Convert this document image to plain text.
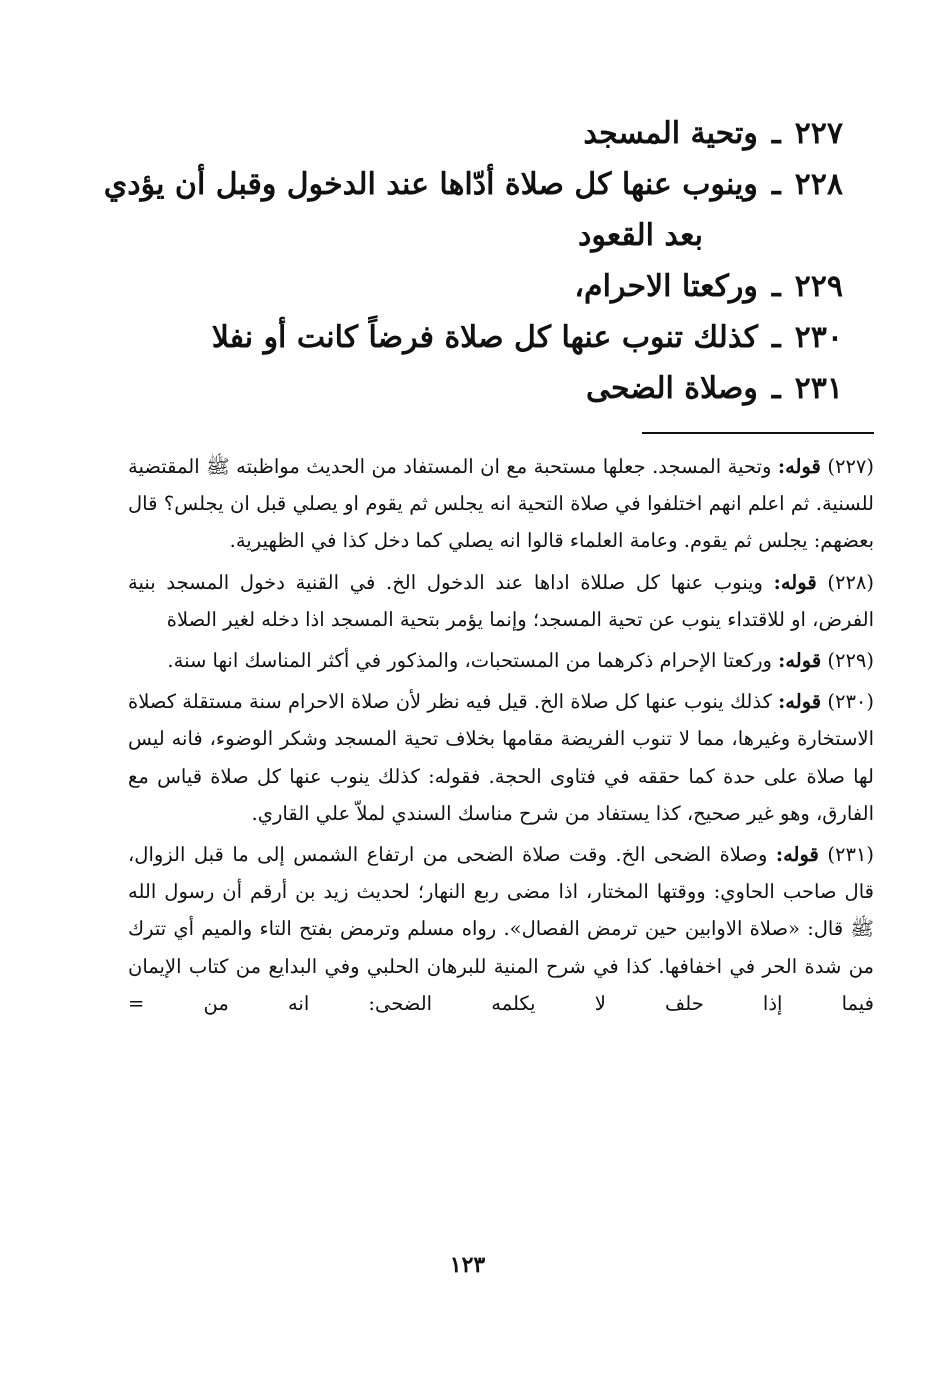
٢٢٧ـوتحية المسجد
٢٢٨ـوينوب عنها كل صلاة أدّاها عند الدخول وقبل أن يؤدي
بعد القعود
٢٢٩ـوركعتا الاحرام،
٢٣٠ـكذلك تنوب عنها كل صلاة فرضاً كانت أو نفلا
٢٣١ـوصلاة الضحى

(٢٢٧) قوله: وتحية المسجد. جعلها مستحبة مع ان المستفاد من الحديث مواظبته ﷺ المقتضية للسنية. ثم اعلم انهم اختلفوا في صلاة التحية انه يجلس ثم يقوم او يصلي قبل ان يجلس؟ قال بعضهم: يجلس ثم يقوم. وعامة العلماء قالوا انه يصلي كما دخل كذا في الظهيرية.

(٢٢٨) قوله: وينوب عنها كل صللاة اداها عند الدخول الخ. في القنية دخول المسجد بنية الفرض، او للاقتداء ينوب عن تحية المسجد؛ وإنما يؤمر بتحية المسجد اذا دخله لغير الصلاة

(٢٢٩) قوله: وركعتا الإحرام ذكرهما من المستحبات، والمذكور في أكثر المناسك انها سنة.

(٢٣٠) قوله: كذلك ينوب عنها كل صلاة الخ. قيل فيه نظر لأن صلاة الاحرام سنة مستقلة كصلاة الاستخارة وغيرها، مما لا تنوب الفريضة مقامها بخلاف تحية المسجد وشكر الوضوء، فانه ليس لها صلاة على حدة كما حققه في فتاوى الحجة. فقوله: كذلك ينوب عنها كل صلاة قياس مع الفارق، وهو غير صحيح، كذا يستفاد من شرح مناسك السندي لملاّ علي القاري.

(٢٣١) قوله: وصلاة الضحى الخ. وقت صلاة الضحى من ارتفاع الشمس إلى ما قبل الزوال، قال صاحب الحاوي: ووقتها المختار، اذا مضى ربع النهار؛ لحديث زيد بن أرقم أن رسول الله ﷺ قال: «صلاة الاوابين حين ترمض الفصال». رواه مسلم وترمض بفتح التاء والميم أي تترك من شدة الحر في اخفافها. كذا في شرح المنية للبرهان الحلبي وفي البدايع من كتاب الإيمان فيما إذا حلف لا يكلمه الضحى: انه من =

١٢٣
